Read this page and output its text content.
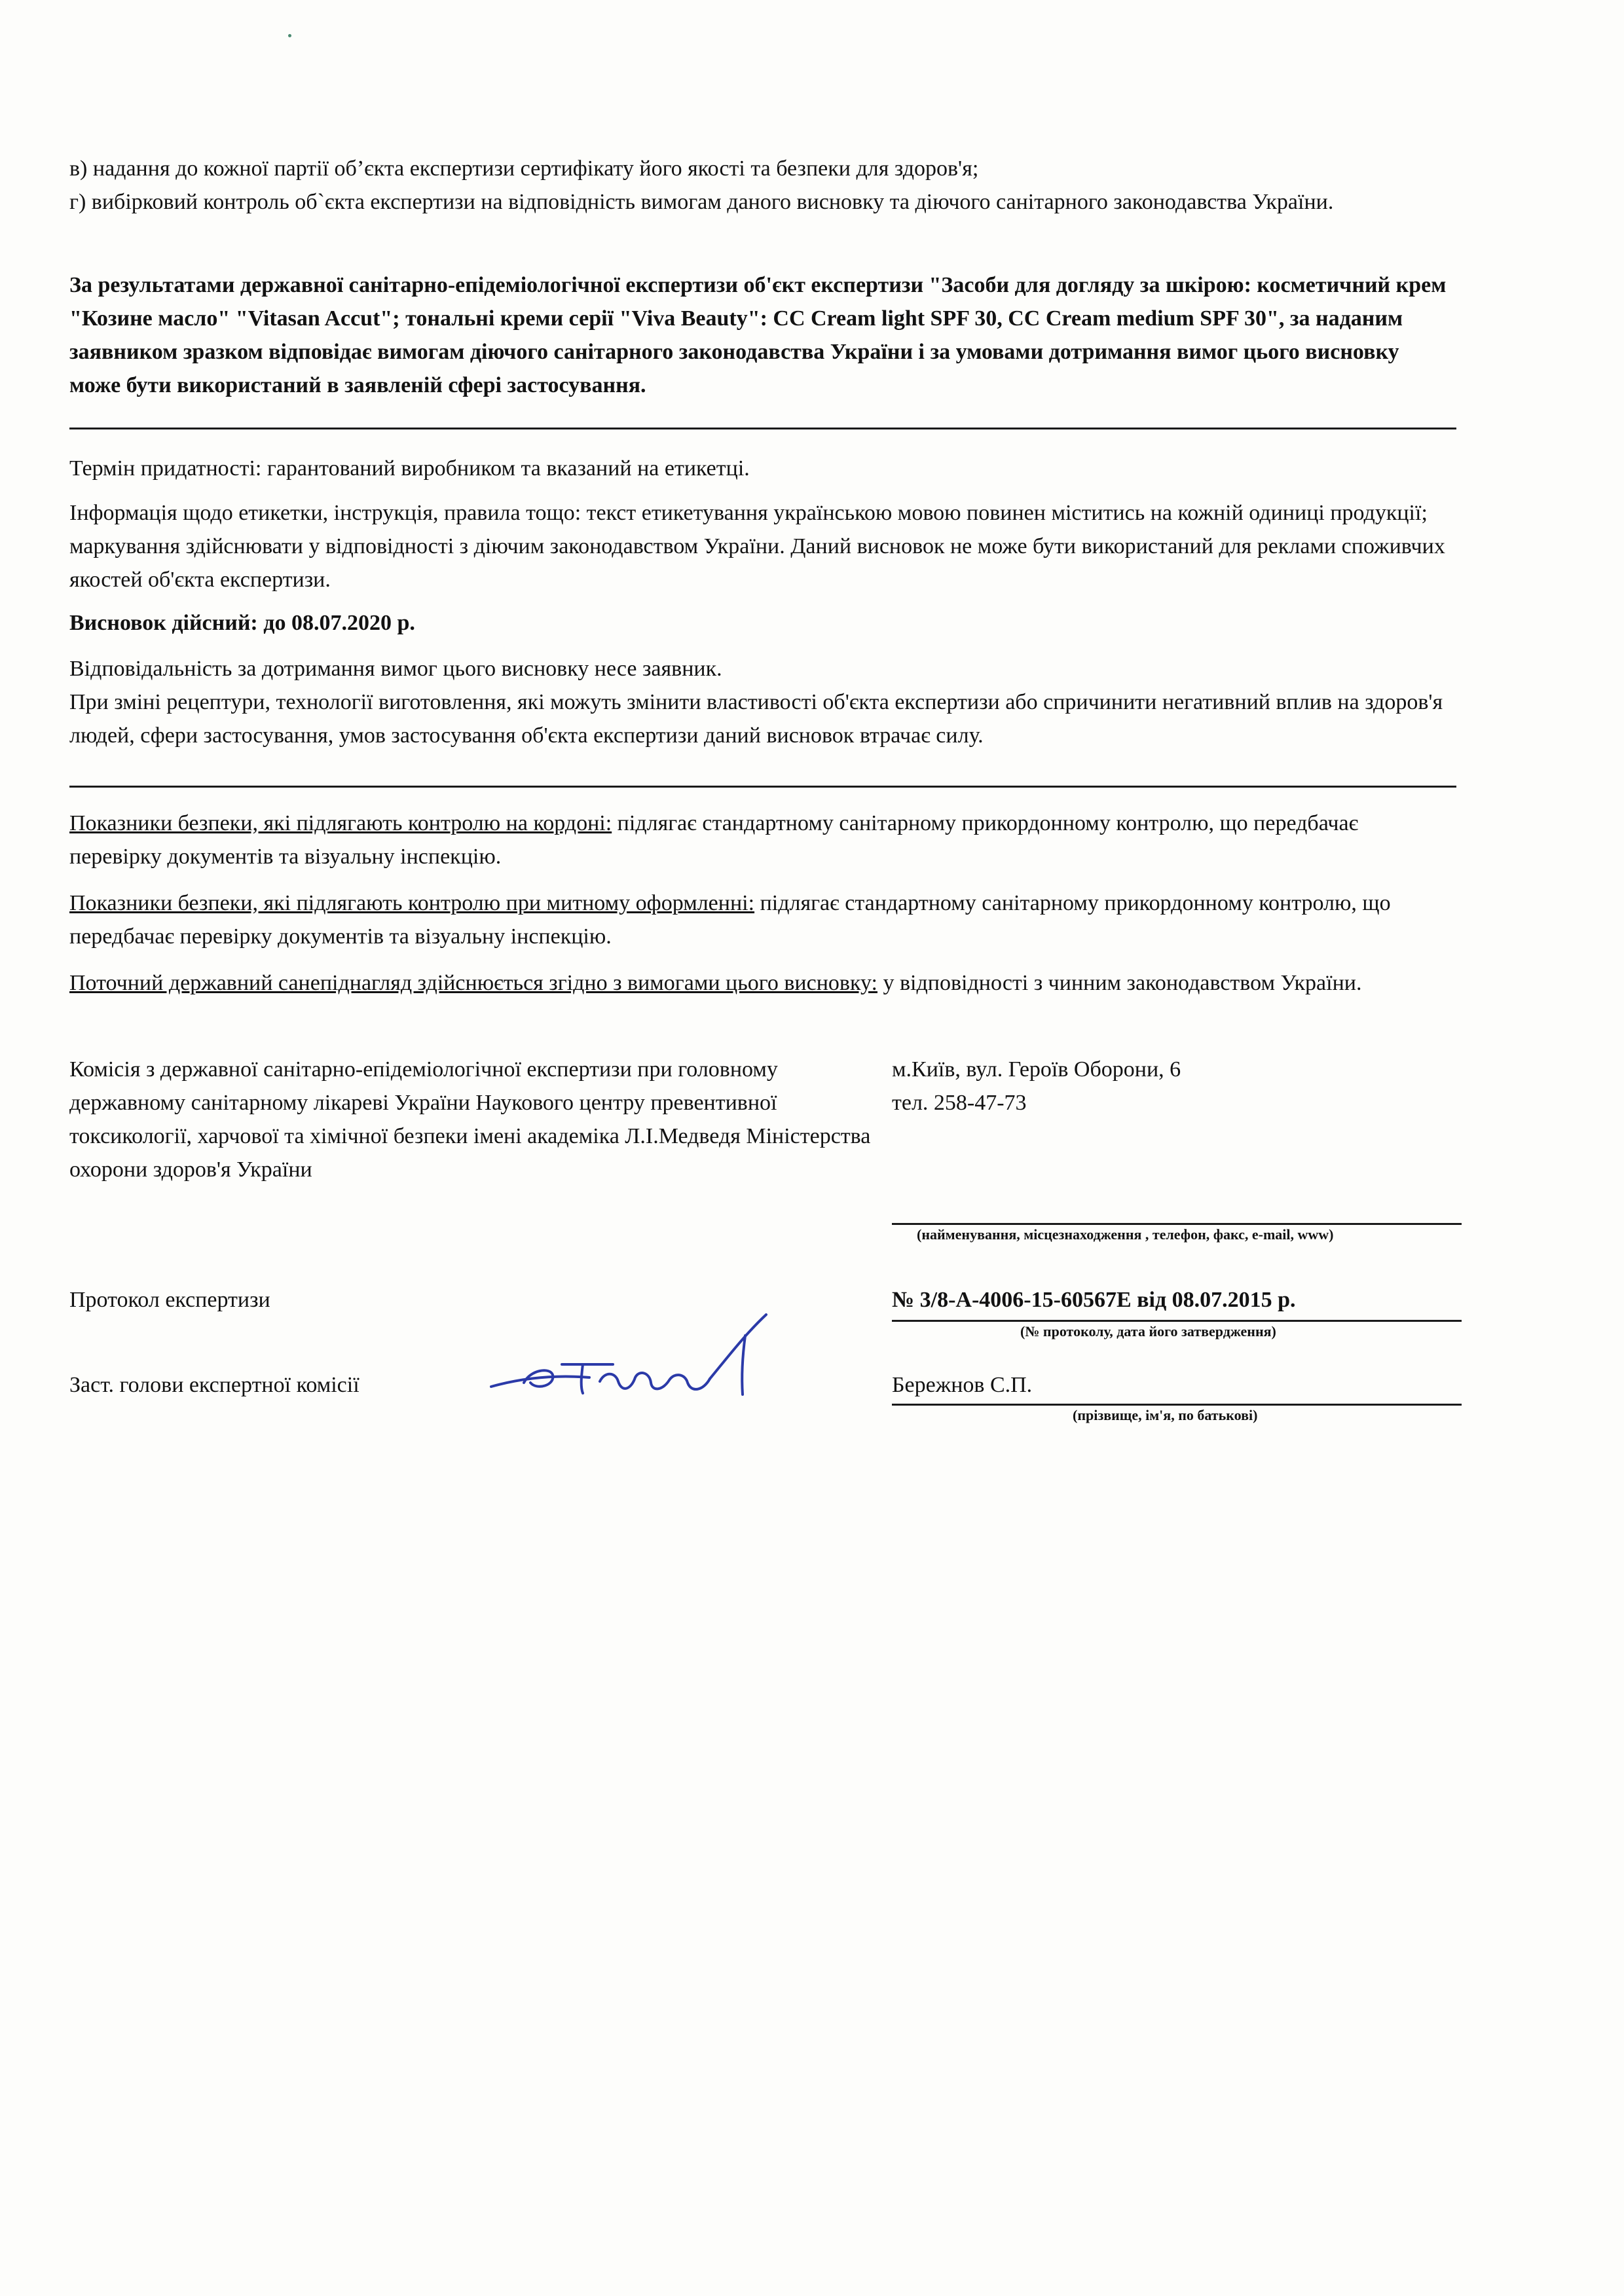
в) надання до кожної партії об’єкта експертизи сертифікату його якості та безпеки для здоров'я;

г) вибірковий контроль об`єкта експертизи на відповідність вимогам даного висновку та діючого санітарного законодавства України.

За результатами державної санітарно-епідеміологічної експертизи об'єкт експертизи "Засоби для догляду за шкірою: косметичний крем "Козине масло" "Vitasan Accut"; тональні креми серії "Viva Beauty": CC Cream light SPF 30, CC Cream medium SPF 30", за наданим заявником зразком відповідає вимогам діючого санітарного законодавства України і за умовами дотримання вимог цього висновку може бути використаний в заявленій сфері застосування.

Термін придатності: гарантований виробником та вказаний на етикетці.

Інформація щодо етикетки, інструкція, правила тощо: текст етикетування українською мовою повинен міститись на кожній одиниці продукції; маркування здійснювати у відповідності з діючим законодавством України. Даний висновок не може бути використаний для реклами споживчих якостей об'єкта експертизи.

Висновок дійсний: до 08.07.2020 р.

Відповідальність за дотримання вимог цього висновку несе заявник.

При зміні рецептури, технології виготовлення, які можуть змінити властивості об'єкта експертизи або спричинити негативний вплив на здоров'я людей, сфери застосування, умов застосування об'єкта експертизи даний висновок втрачає силу.

Показники безпеки, які підлягають контролю на кордоні: підлягає стандартному санітарному прикордонному контролю, що передбачає перевірку документів та візуальну інспекцію.

Показники безпеки, які підлягають контролю при митному оформленні: підлягає стандартному санітарному прикордонному контролю, що передбачає перевірку документів та візуальну інспекцію.

Поточний державний санепіднагляд здійснюється згідно з вимогами цього висновку: у відповідності з чинним законодавством України.

Комісія з державної санітарно-епідеміологічної експертизи при головному державному санітарному лікареві України Наукового центру превентивної токсикології, харчової та хімічної безпеки імені академіка Л.І.Медведя Міністерства охорони здоров'я України

м.Київ, вул. Героїв Оборони, 6
тел. 258-47-73
(найменування, місцезнаходження , телефон, факс, e-mail, www)
Протокол експертизи	№ 3/8-А-4006-15-60567Е від 08.07.2015 р.
(№ протоколу, дата його затвердження)
Заст. голови експертної комісії	Бережнов С.П.
(прізвище, ім'я, по батькові)
